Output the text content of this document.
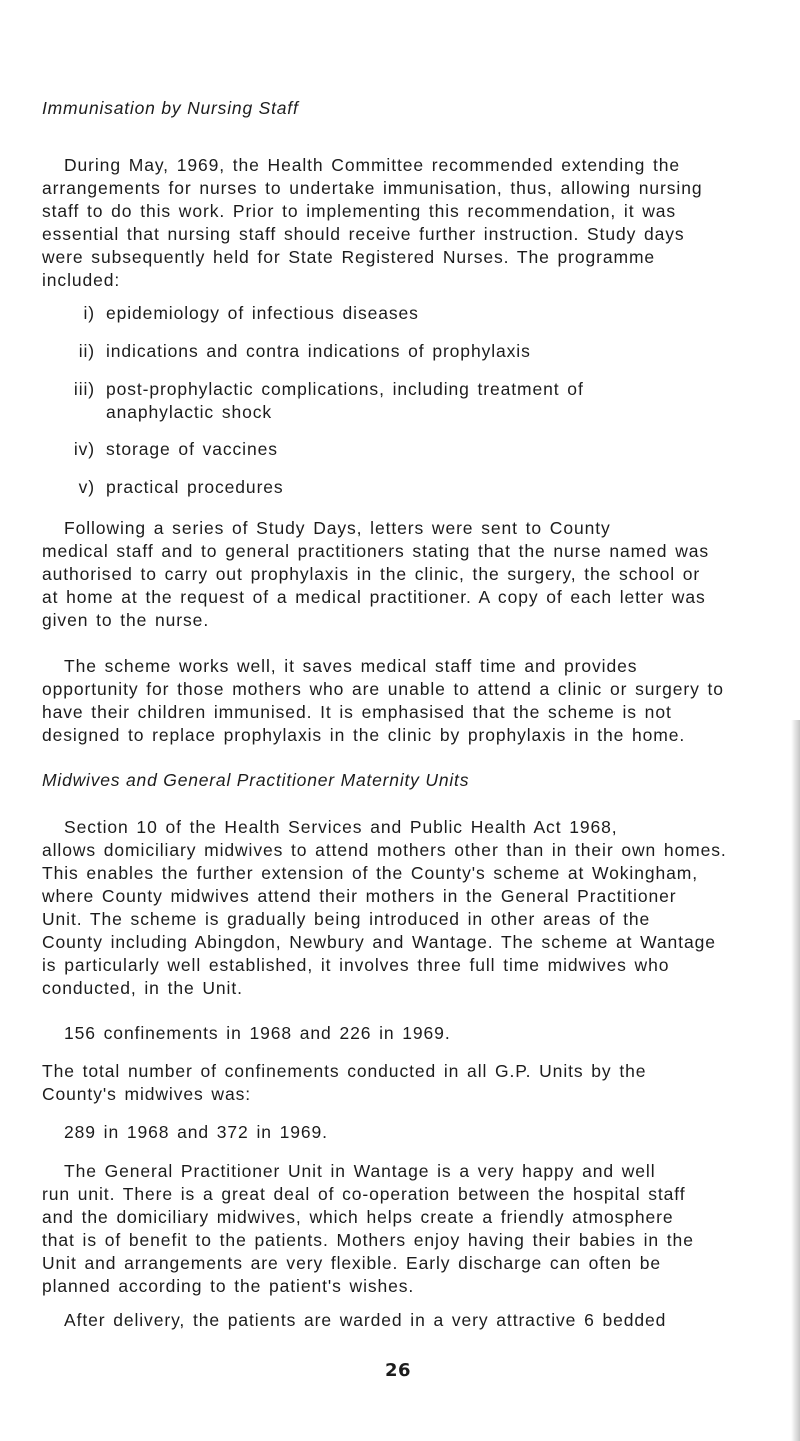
Immunisation by Nursing Staff
During May, 1969, the Health Committee recommended extending the
arrangements for nurses to undertake immunisation, thus, allowing nursing
staff to do this work. Prior to implementing this recommendation, it was
essential that nursing staff should receive further instruction. Study days
were subsequently held for State Registered Nurses. The programme
included:
i) epidemiology of infectious diseases
ii) indications and contra indications of prophylaxis
iii) post-prophylactic complications, including treatment of
anaphylactic shock
iv) storage of vaccines
v) practical procedures
Following a series of Study Days, letters were sent to County
medical staff and to general practitioners stating that the nurse named was
authorised to carry out prophylaxis in the clinic, the surgery, the school or
at home at the request of a medical practitioner. A copy of each letter was
given to the nurse.
The scheme works well, it saves medical staff time and provides
opportunity for those mothers who are unable to attend a clinic or surgery to
have their children immunised. It is emphasised that the scheme is not
designed to replace prophylaxis in the clinic by prophylaxis in the home.
Midwives and General Practitioner Maternity Units
Section 10 of the Health Services and Public Health Act 1968,
allows domiciliary midwives to attend mothers other than in their own homes.
This enables the further extension of the County's scheme at Wokingham,
where County midwives attend their mothers in the General Practitioner
Unit. The scheme is gradually being introduced in other areas of the
County including Abingdon, Newbury and Wantage. The scheme at Wantage
is particularly well established, it involves three full time midwives who
conducted, in the Unit.
156 confinements in 1968 and 226 in 1969.
The total number of confinements conducted in all G.P. Units by the
County's midwives was:
289 in 1968 and 372 in 1969.
The General Practitioner Unit in Wantage is a very happy and well
run unit. There is a great deal of co-operation between the hospital staff
and the domiciliary midwives, which helps create a friendly atmosphere
that is of benefit to the patients. Mothers enjoy having their babies in the
Unit and arrangements are very flexible. Early discharge can often be
planned according to the patient's wishes.
After delivery, the patients are warded in a very attractive 6 bedded
26
